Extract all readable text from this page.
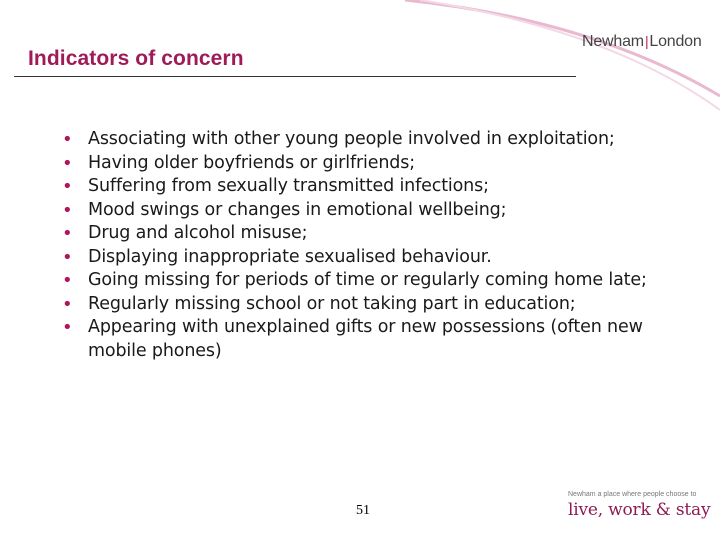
Indicators of concern
Newham|London
• Associating with other young people involved in exploitation;
• Having older boyfriends or girlfriends;
• Suffering from sexually transmitted infections;
• Mood swings or changes in emotional wellbeing;
• Drug and alcohol misuse;
• Displaying inappropriate sexualised behaviour.
• Going missing for periods of time or regularly coming home late;
• Regularly missing school or not taking part in education;
• Appearing with unexplained gifts or new possessions (often new mobile phones)
51
Newham a place where people choose to
live, work & stay
